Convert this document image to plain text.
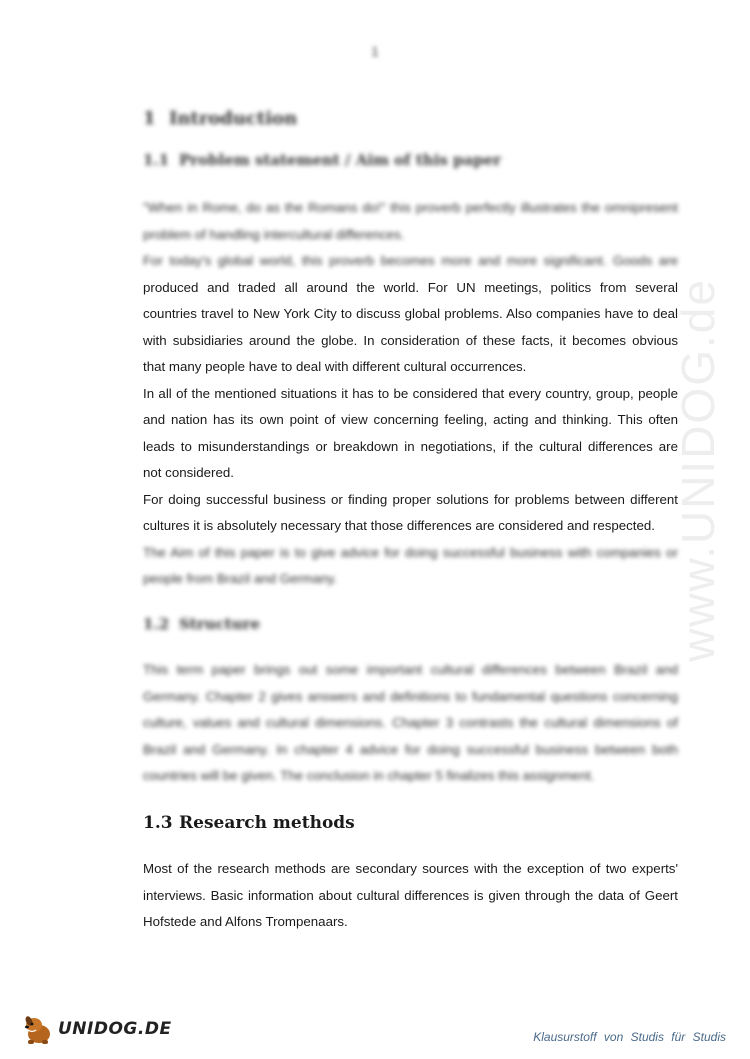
1
1 Introduction
1.1 Problem statement / Aim of this paper
"When in Rome, do as the Romans do!" this proverb perfectly illustrates the omnipresent
problem of handling intercultural differences.
For today's global world, this proverb becomes more and more significant. Goods are
produced and traded all around the world. For UN meetings, politics from several
countries travel to New York City to discuss global problems. Also companies have to deal
with subsidiaries around the globe. In consideration of these facts, it becomes obvious
that many people have to deal with different cultural occurrences.
In all of the mentioned situations it has to be considered that every country, group, people
and nation has its own point of view concerning feeling, acting and thinking. This often
leads to misunderstandings or breakdown in negotiations, if the cultural differences are
not considered.
For doing successful business or finding proper solutions for problems between different
cultures it is absolutely necessary that those differences are considered and respected.
The Aim of this paper is to give advice for doing successful business with companies or
people from Brazil and Germany.
1.2 Structure
This term paper brings out some important cultural differences between Brazil and
Germany. Chapter 2 gives answers and definitions to fundamental questions concerning
culture, values and cultural dimensions. Chapter 3 contrasts the cultural dimensions of
Brazil and Germany. In chapter 4 advice for doing successful business between both
countries will be given. The conclusion in chapter 5 finalizes this assignment.
1.3 Research methods
Most of the research methods are secondary sources with the exception of two experts'
interviews. Basic information about cultural differences is given through the data of Geert
Hofstede and Alfons Trompenaars.
www.UNIDOG.de
UNIDOG.DE	Klausurstoff von Studis für Studis
